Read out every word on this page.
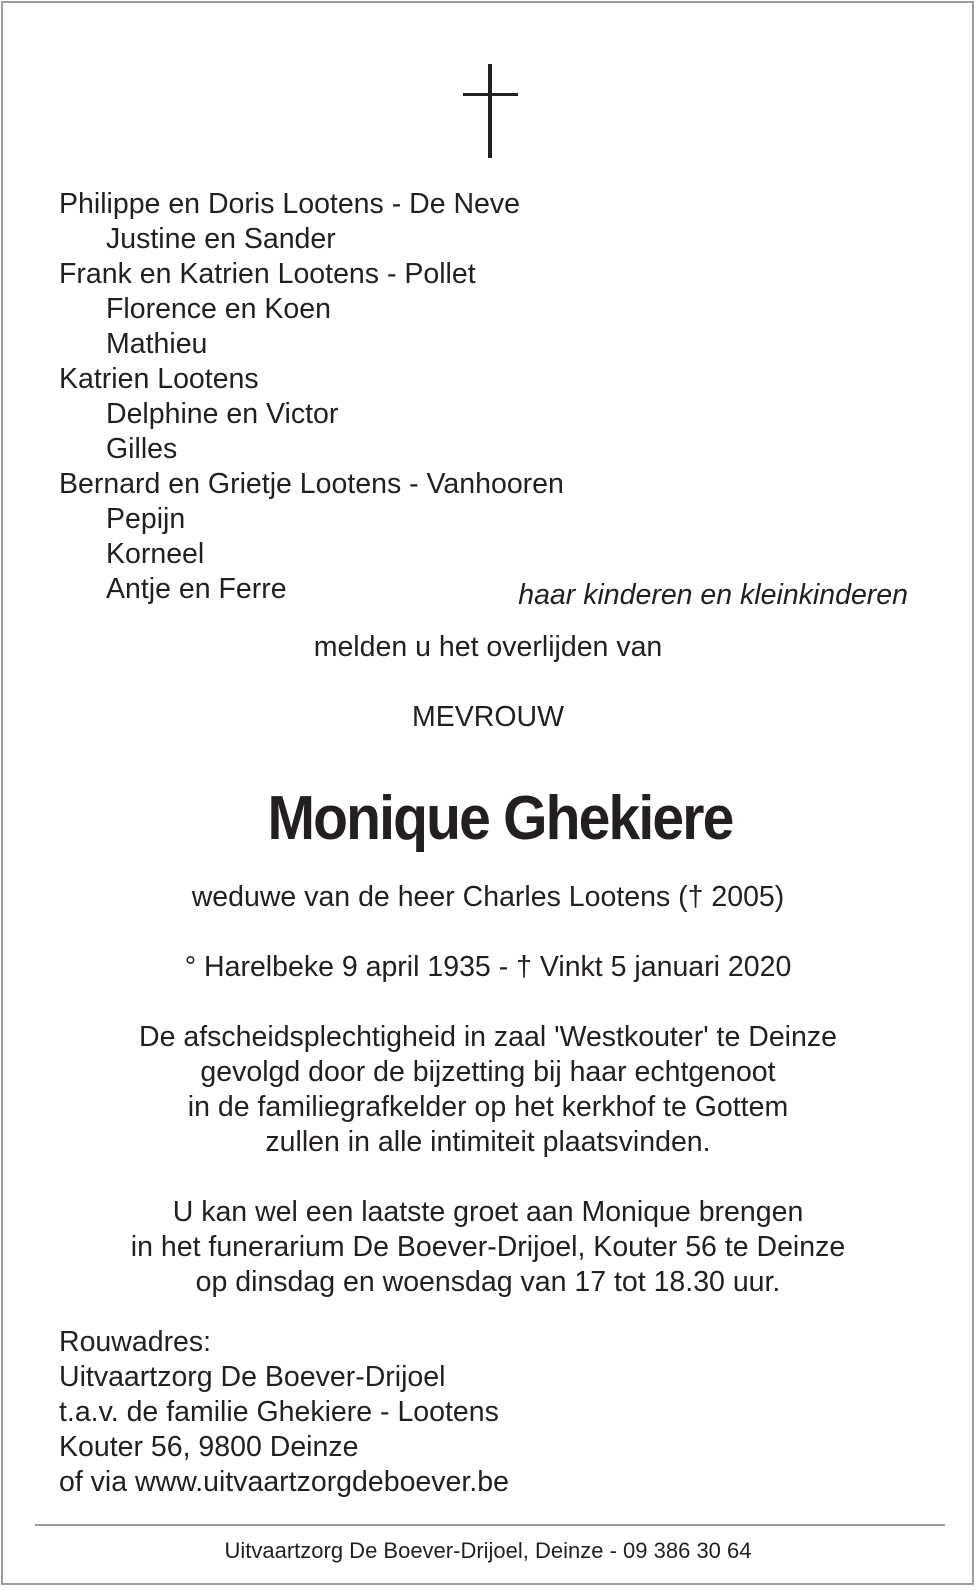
Philippe en Doris Lootens - De Neve
Justine en Sander
Frank en Katrien Lootens - Pollet
Florence en Koen
Mathieu
Katrien Lootens
Delphine en Victor
Gilles
Bernard en Grietje Lootens - Vanhooren
Pepijn
Korneel
Antje en Ferre	haar kinderen en kleinkinderen
melden u het overlijden van
MEVROUW
Monique Ghekiere
weduwe van de heer Charles Lootens († 2005)
° Harelbeke 9 april 1935 - † Vinkt 5 januari 2020
De afscheidsplechtigheid in zaal 'Westkouter' te Deinze
gevolgd door de bijzetting bij haar echtgenoot
in de familiegrafkelder op het kerkhof te Gottem
zullen in alle intimiteit plaatsvinden.
U kan wel een laatste groet aan Monique brengen
in het funerarium De Boever-Drijoel, Kouter 56 te Deinze
op dinsdag en woensdag van 17 tot 18.30 uur.
Rouwadres:
Uitvaartzorg De Boever-Drijoel
t.a.v. de familie Ghekiere - Lootens
Kouter 56, 9800 Deinze
of via www.uitvaartzorgdeboever.be
Uitvaartzorg De Boever-Drijoel, Deinze - 09 386 30 64
